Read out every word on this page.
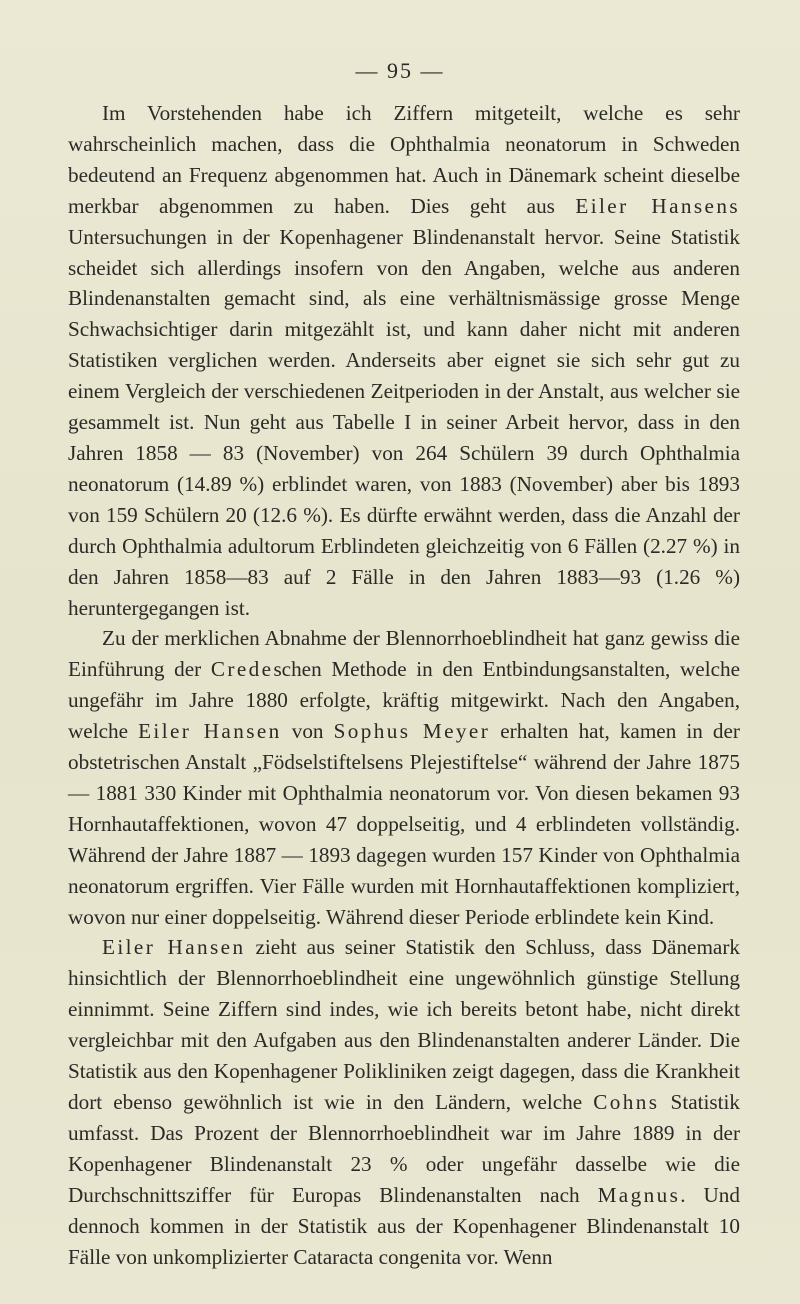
— 95 —

Im Vorstehenden habe ich Ziffern mitgeteilt, welche es sehr wahrscheinlich machen, dass die Ophthalmia neonatorum in Schweden bedeutend an Frequenz abgenommen hat. Auch in Dänemark scheint dieselbe merkbar abgenommen zu haben. Dies geht aus Eiler Hansens Untersuchungen in der Kopenhagener Blindenanstalt hervor. Seine Statistik scheidet sich allerdings insofern von den Angaben, welche aus anderen Blindenanstalten gemacht sind, als eine verhältnismässige grosse Menge Schwachsichtiger darin mitgezählt ist, und kann daher nicht mit anderen Statistiken verglichen werden. Anderseits aber eignet sie sich sehr gut zu einem Vergleich der verschiedenen Zeitperioden in der Anstalt, aus welcher sie gesammelt ist. Nun geht aus Tabelle I in seiner Arbeit hervor, dass in den Jahren 1858 — 83 (November) von 264 Schülern 39 durch Ophthalmia neonatorum (14.89 %) erblindet waren, von 1883 (November) aber bis 1893 von 159 Schülern 20 (12.6 %). Es dürfte erwähnt werden, dass die Anzahl der durch Ophthalmia adultorum Erblindeten gleichzeitig von 6 Fällen (2.27 %) in den Jahren 1858—83 auf 2 Fälle in den Jahren 1883—93 (1.26 %) heruntergegangen ist.

Zu der merklichen Abnahme der Blennorrhoeblindheit hat ganz gewiss die Einführung der Credeschen Methode in den Entbindungsanstalten, welche ungefähr im Jahre 1880 erfolgte, kräftig mitgewirkt. Nach den Angaben, welche Eiler Hansen von Sophus Meyer erhalten hat, kamen in der obstetrischen Anstalt „Födselstiftelsens Plejestiftelse“ während der Jahre 1875 — 1881 330 Kinder mit Ophthalmia neonatorum vor. Von diesen bekamen 93 Hornhautaffektionen, wovon 47 doppelseitig, und 4 erblindeten vollständig. Während der Jahre 1887 — 1893 dagegen wurden 157 Kinder von Ophthalmia neonatorum ergriffen. Vier Fälle wurden mit Hornhautaffektionen kompliziert, wovon nur einer doppelseitig. Während dieser Periode erblindete kein Kind.

Eiler Hansen zieht aus seiner Statistik den Schluss, dass Dänemark hinsichtlich der Blennorrhoeblindheit eine ungewöhnlich günstige Stellung einnimmt. Seine Ziffern sind indes, wie ich bereits betont habe, nicht direkt vergleichbar mit den Aufgaben aus den Blindenanstalten anderer Länder. Die Statistik aus den Kopenhagener Polikliniken zeigt dagegen, dass die Krankheit dort ebenso gewöhnlich ist wie in den Ländern, welche Cohns Statistik umfasst. Das Prozent der Blennorrhoeblindheit war im Jahre 1889 in der Kopenhagener Blindenanstalt 23 % oder ungefähr dasselbe wie die Durchschnittsziffer für Europas Blindenanstalten nach Magnus. Und dennoch kommen in der Statistik aus der Kopenhagener Blindenanstalt 10 Fälle von unkomplizierter Cataracta congenita vor. Wenn
